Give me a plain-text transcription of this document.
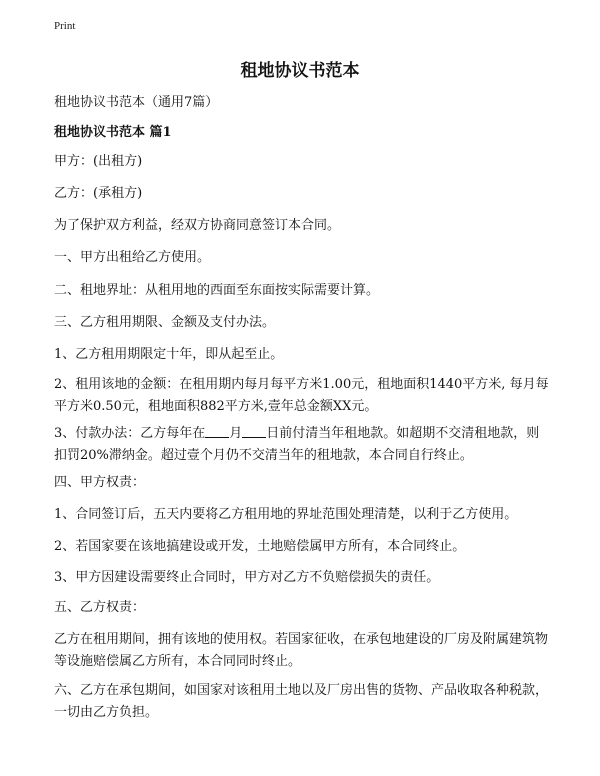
Print
租地协议书范本

租地协议书范本（通用7篇）

租地协议书范本 篇1

甲方：(出租方)

乙方：(承租方)

为了保护双方利益，经双方协商同意签订本合同。

一、甲方出租给乙方使用。

二、租地界址：从租用地的西面至东面按实际需要计算。

三、乙方租用期限、金额及支付办法。

1、乙方租用期限定十年，即从起至止。

2、租用该地的金额：在租用期内每月每平方米1.00元，租地面积1440平方米, 每月每平方米0.50元，租地面积882平方米,壹年总金额XX元。

3、付款办法：乙方每年在 月 日前付清当年租地款。如超期不交清租地款，则扣罚20%滞纳金。超过壹个月仍不交清当年的租地款，本合同自行终止。

四、甲方权责：

1、合同签订后，五天内要将乙方租用地的界址范围处理清楚，以利于乙方使用。

2、若国家要在该地搞建设或开发，土地赔偿属甲方所有，本合同终止。

3、甲方因建设需要终止合同时，甲方对乙方不负赔偿损失的责任。

五、乙方权责：

乙方在租用期间，拥有该地的使用权。若国家征收，在承包地建设的厂房及附属建筑物等设施赔偿属乙方所有，本合同同时终止。

六、乙方在承包期间，如国家对该租用土地以及厂房出售的货物、产品收取各种税款，一切由乙方负担。
